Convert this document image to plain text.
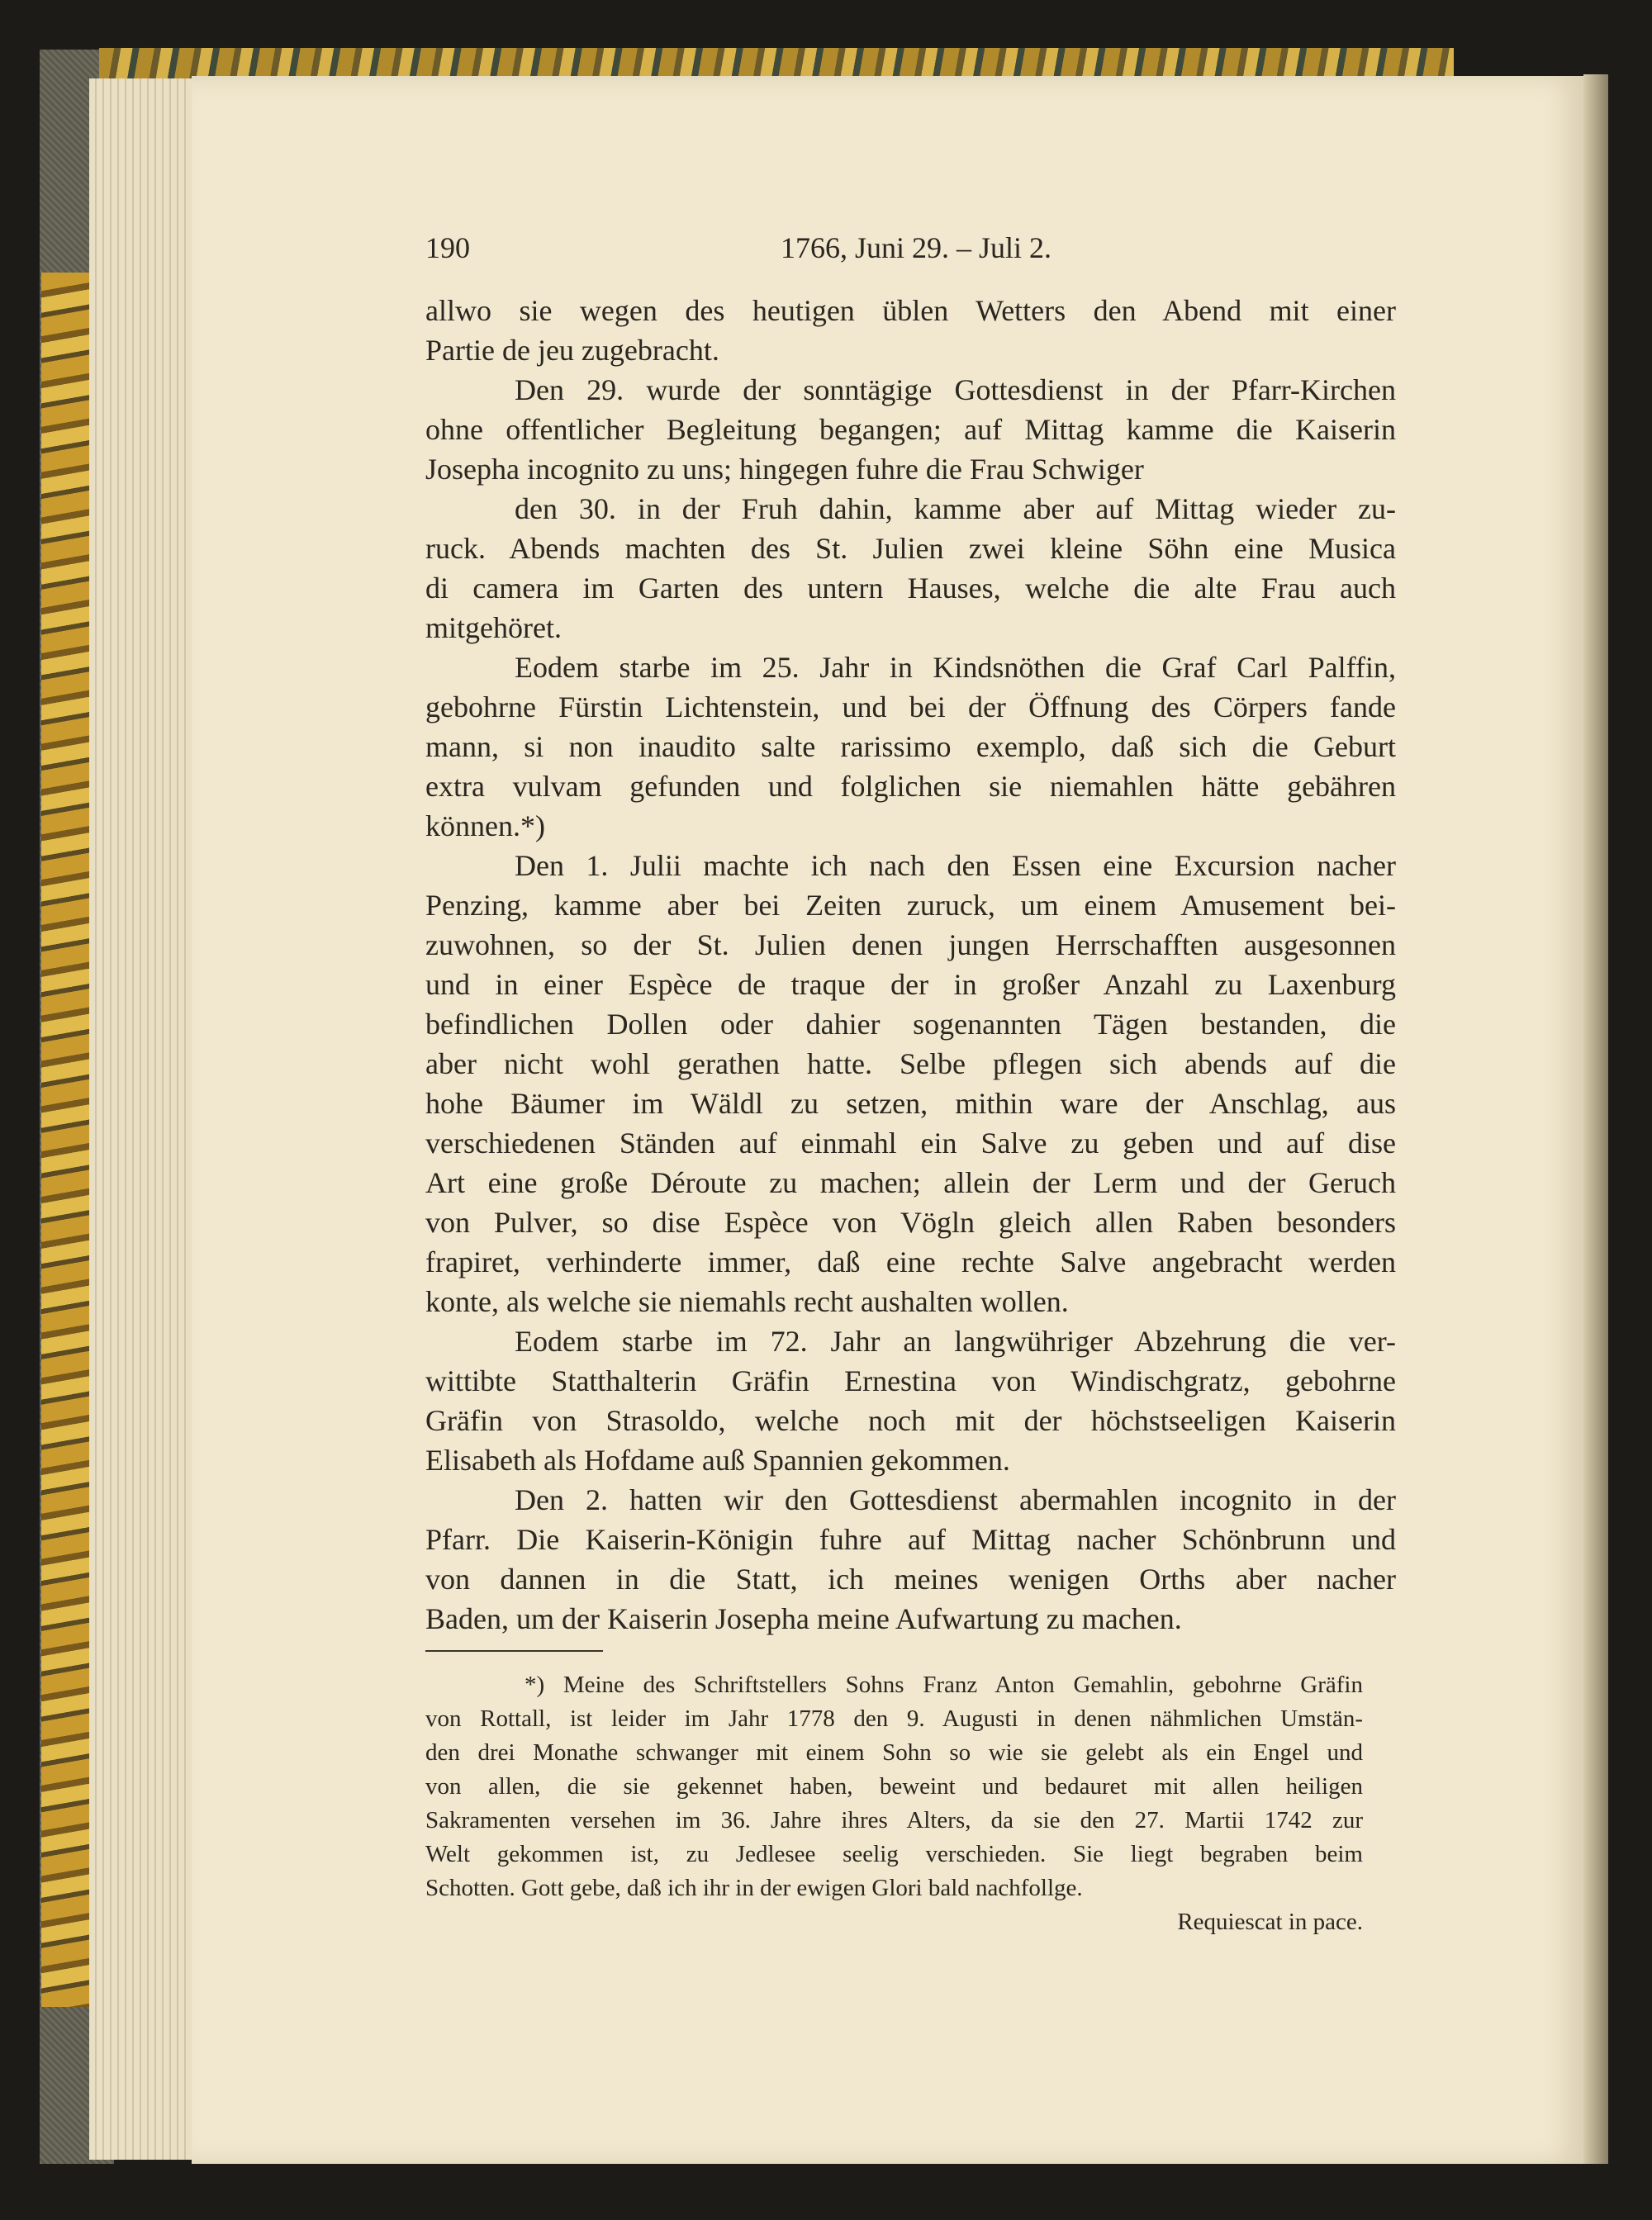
190	1766, Juni 29. – Juli 2.
allwo sie wegen des heutigen üblen Wetters den Abend mit einer
Partie de jeu zugebracht.
Den 29. wurde der sonntägige Gottesdienst in der Pfarr-Kirchen
ohne offentlicher Begleitung begangen; auf Mittag kamme die Kaiserin
Josepha incognito zu uns; hingegen fuhre die Frau Schwiger
den 30. in der Fruh dahin, kamme aber auf Mittag wieder zu-
ruck. Abends machten des St. Julien zwei kleine Söhn eine Musica
di camera im Garten des untern Hauses, welche die alte Frau auch
mitgehöret.
Eodem starbe im 25. Jahr in Kindsnöthen die Graf Carl Palffin,
gebohrne Fürstin Lichtenstein, und bei der Öffnung des Cörpers fande
mann, si non inaudito salte rarissimo exemplo, daß sich die Geburt
extra vulvam gefunden und folglichen sie niemahlen hätte gebähren
können.*)
Den 1. Julii machte ich nach den Essen eine Excursion nacher
Penzing, kamme aber bei Zeiten zuruck, um einem Amusement bei-
zuwohnen, so der St. Julien denen jungen Herrschafften ausgesonnen
und in einer Espèce de traque der in großer Anzahl zu Laxenburg
befindlichen Dollen oder dahier sogenannten Tägen bestanden, die
aber nicht wohl gerathen hatte. Selbe pflegen sich abends auf die
hohe Bäumer im Wäldl zu setzen, mithin ware der Anschlag, aus
verschiedenen Ständen auf einmahl ein Salve zu geben und auf dise
Art eine große Déroute zu machen; allein der Lerm und der Geruch
von Pulver, so dise Espèce von Vögln gleich allen Raben besonders
frapiret, verhinderte immer, daß eine rechte Salve angebracht werden
konte, als welche sie niemahls recht aushalten wollen.
Eodem starbe im 72. Jahr an langwühriger Abzehrung die ver-
wittibte Statthalterin Gräfin Ernestina von Windischgratz, gebohrne
Gräfin von Strasoldo, welche noch mit der höchstseeligen Kaiserin
Elisabeth als Hofdame auß Spannien gekommen.
Den 2. hatten wir den Gottesdienst abermahlen incognito in der
Pfarr. Die Kaiserin-Königin fuhre auf Mittag nacher Schönbrunn und
von dannen in die Statt, ich meines wenigen Orths aber nacher
Baden, um der Kaiserin Josepha meine Aufwartung zu machen.
*) Meine des Schriftstellers Sohns Franz Anton Gemahlin, gebohrne Gräfin
von Rottall, ist leider im Jahr 1778 den 9. Augusti in denen nähmlichen Umstän-
den drei Monathe schwanger mit einem Sohn so wie sie gelebt als ein Engel und
von allen, die sie gekennet haben, beweint und bedauret mit allen heiligen
Sakramenten versehen im 36. Jahre ihres Alters, da sie den 27. Martii 1742 zur
Welt gekommen ist, zu Jedlesee seelig verschieden. Sie liegt begraben beim
Schotten. Gott gebe, daß ich ihr in der ewigen Glori bald nachfollge.
Requiescat in pace.
